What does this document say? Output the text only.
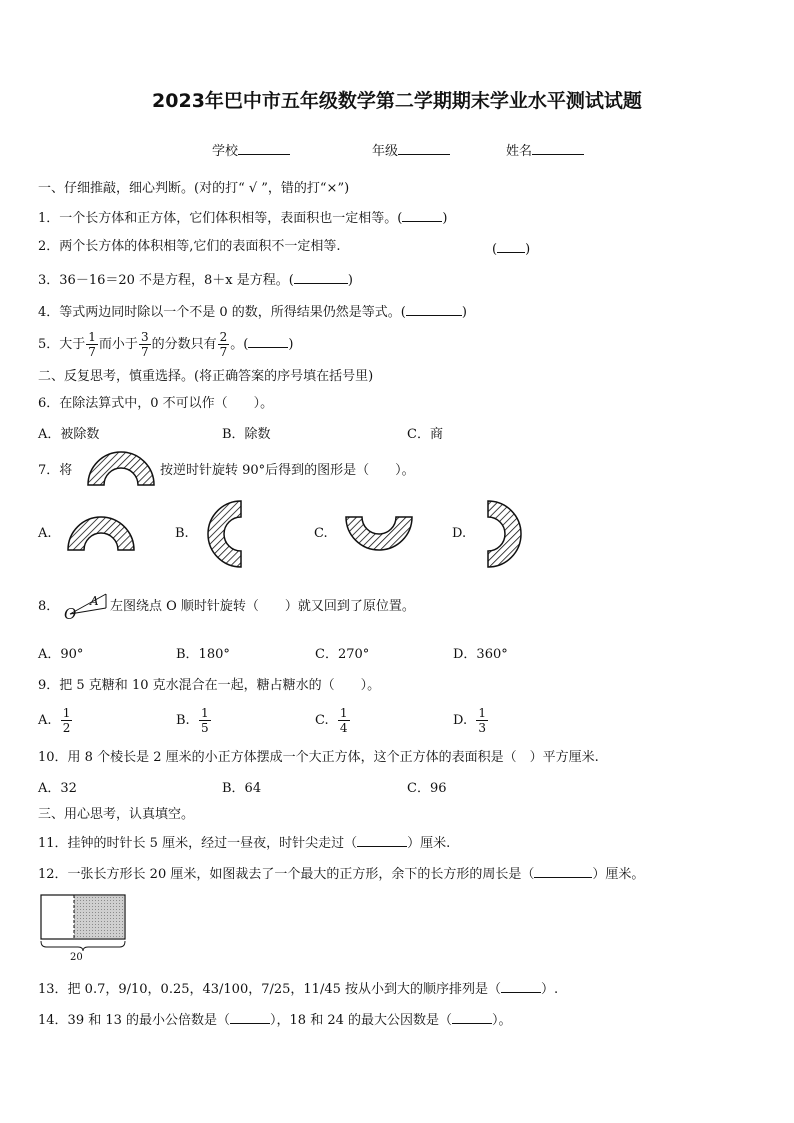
2023年巴中市五年级数学第二学期期末学业水平测试试题
学校	年级	姓名
一、仔细推敲，细心判断。(对的打“ √ ”，错的打“×”)
1．一个长方体和正方体，它们体积相等，表面积也一定相等。(	)
2．两个长方体的体积相等,它们的表面积不一定相等.	( )
3．36－16＝20 不是方程，8＋x 是方程。(	)
4．等式两边同时除以一个不是 0 的数，所得结果仍然是等式。(	)
5．大于 $\frac{1}{7}$ 而小于 $\frac{3}{7}$ 的分数只有 $\frac{2}{7}$ 。(	)
二、反复思考，慎重选择。(将正确答案的序号填在括号里)
6．在除法算式中，0 不可以作（　　）。
A．被除数	B．除数	C．商
7．将	按逆时针旋转 90°后得到的图形是（　　）。
A.	B.	C.	D.
8． O
A 左图绕点 O 顺时针旋转（　　）就又回到了原位置。
A．90°	B．180°	C．270°	D．360°
9．把 5 克糖和 10 克水混合在一起，糖占糖水的（　　）。
A. $\frac{1}{2}$	B. $\frac{1}{5}$	C. $\frac{1}{4}$	D. $\frac{1}{3}$
10．用 8 个棱长是 2 厘米的小正方体摆成一个大正方体，这个正方体的表面积是（　）平方厘米.
A．32	B．64	C．96
三、用心思考，认真填空。
11．挂钟的时针长 5 厘米，经过一昼夜，时针尖走过（	）厘米.
12．一张长方形长 20 厘米，如图裁去了一个最大的正方形，余下的长方形的周长是（	）厘米。
20
13．把 0.7，9/10，0.25，43/100，7/25，11/45 按从小到大的顺序排列是（	）.
14．39 和 13 的最小公倍数是（	），18 和 24 的最大公因数是（	）。
